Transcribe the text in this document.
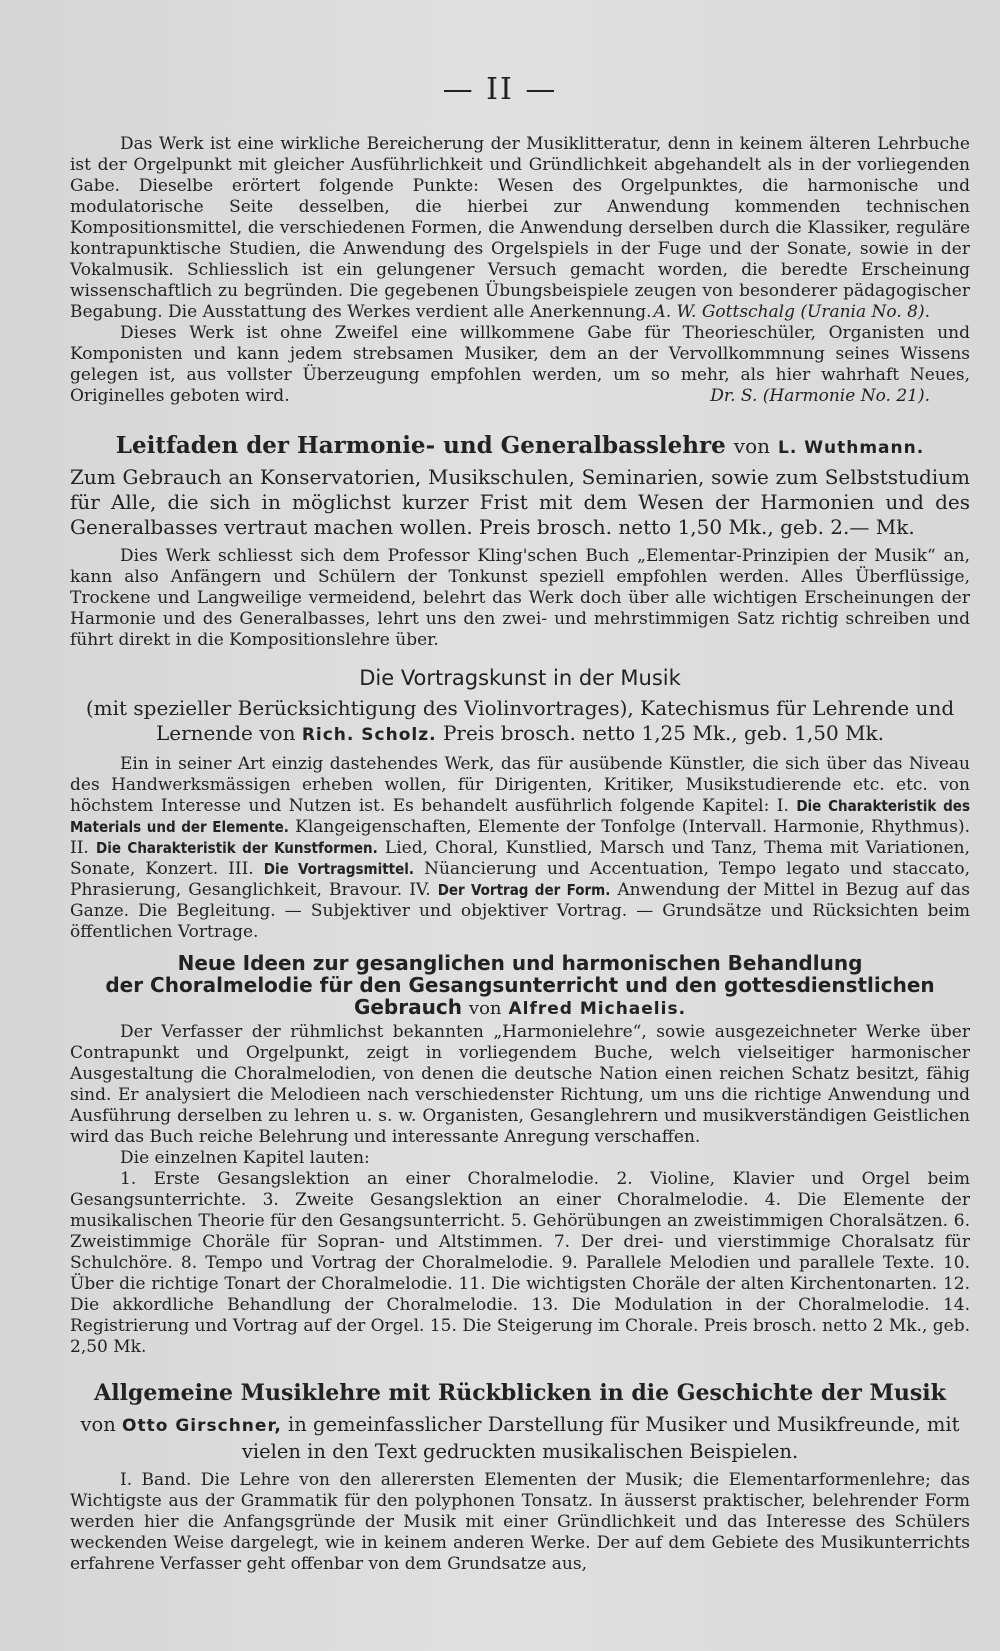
— II —

Das Werk ist eine wirkliche Bereicherung der Musiklitteratur, denn in keinem älteren Lehrbuche ist der Orgelpunkt mit gleicher Ausführlichkeit und Gründlichkeit abgehandelt als in der vorliegenden Gabe. Dieselbe erörtert folgende Punkte: Wesen des Orgelpunktes, die harmonische und modulatorische Seite desselben, die hierbei zur Anwendung kommenden technischen Kompositionsmittel, die verschiedenen Formen, die Anwendung derselben durch die Klassiker, reguläre kontrapunktische Studien, die Anwendung des Orgelspiels in der Fuge und der Sonate, sowie in der Vokalmusik. Schliesslich ist ein gelungener Versuch gemacht worden, die beredte Erscheinung wissenschaftlich zu begründen. Die gegebenen Übungsbeispiele zeugen von besonderer pädagogischer Begabung. Die Ausstattung des Werkes verdient alle Anerkennung. A. W. Gottschalg (Urania No. 8).

Dieses Werk ist ohne Zweifel eine willkommene Gabe für Theorieschüler, Organisten und Komponisten und kann jedem strebsamen Musiker, dem an der Vervollkommnung seines Wissens gelegen ist, aus vollster Überzeugung empfohlen werden, um so mehr, als hier wahrhaft Neues, Originelles geboten wird.	Dr. S. (Harmonie No. 21).

Leitfaden der Harmonie- und Generalbasslehre von L. Wuthmann.

Zum Gebrauch an Konservatorien, Musikschulen, Seminarien, sowie zum Selbststudium für Alle, die sich in möglichst kurzer Frist mit dem Wesen der Harmonien und des Generalbasses vertraut machen wollen. Preis brosch. netto 1,50 Mk., geb. 2.— Mk.

Dies Werk schliesst sich dem Professor Kling'schen Buch „Elementar-Prinzipien der Musik“ an, kann also Anfängern und Schülern der Tonkunst speziell empfohlen werden. Alles Überflüssige, Trockene und Langweilige vermeidend, belehrt das Werk doch über alle wichtigen Erscheinungen der Harmonie und des Generalbasses, lehrt uns den zwei- und mehrstimmigen Satz richtig schreiben und führt direkt in die Kompositionslehre über.

Die Vortragskunst in der Musik

(mit spezieller Berücksichtigung des Violinvortrages), Katechismus für Lehrende und Lernende von Rich. Scholz. Preis brosch. netto 1,25 Mk., geb. 1,50 Mk.

Ein in seiner Art einzig dastehendes Werk, das für ausübende Künstler, die sich über das Niveau des Handwerksmässigen erheben wollen, für Dirigenten, Kritiker, Musikstudierende etc. etc. von höchstem Interesse und Nutzen ist. Es behandelt ausführlich folgende Kapitel: I. Die Charakteristik des Materials und der Elemente. Klangeigenschaften, Elemente der Tonfolge (Intervall. Harmonie, Rhythmus). II. Die Charakteristik der Kunstformen. Lied, Choral, Kunstlied, Marsch und Tanz, Thema mit Variationen, Sonate, Konzert. III. Die Vortragsmittel. Nüancierung und Accentuation, Tempo legato und staccato, Phrasierung, Gesanglichkeit, Bravour. IV. Der Vortrag der Form. Anwendung der Mittel in Bezug auf das Ganze. Die Begleitung. — Subjektiver und objektiver Vortrag. — Grundsätze und Rücksichten beim öffentlichen Vortrage.

Neue Ideen zur gesanglichen und harmonischen Behandlung
der Choralmelodie für den Gesangsunterricht und den gottesdienstlichen
Gebrauch von Alfred Michaelis.

Der Verfasser der rühmlichst bekannten „Harmonielehre“, sowie ausgezeichneter Werke über Contrapunkt und Orgelpunkt, zeigt in vorliegendem Buche, welch vielseitiger harmonischer Ausgestaltung die Choralmelodien, von denen die deutsche Nation einen reichen Schatz besitzt, fähig sind. Er analysiert die Melodieen nach verschiedenster Richtung, um uns die richtige Anwendung und Ausführung derselben zu lehren u. s. w. Organisten, Gesanglehrern und musikverständigen Geistlichen wird das Buch reiche Belehrung und interessante Anregung verschaffen.

Die einzelnen Kapitel lauten:

1. Erste Gesangslektion an einer Choralmelodie. 2. Violine, Klavier und Orgel beim Gesangsunterrichte. 3. Zweite Gesangslektion an einer Choralmelodie. 4. Die Elemente der musikalischen Theorie für den Gesangsunterricht. 5. Gehörübungen an zweistimmigen Choralsätzen. 6. Zweistimmige Choräle für Sopran- und Altstimmen. 7. Der drei- und vierstimmige Choralsatz für Schulchöre. 8. Tempo und Vortrag der Choralmelodie. 9. Parallele Melodien und parallele Texte. 10. Über die richtige Tonart der Choralmelodie. 11. Die wichtigsten Choräle der alten Kirchentonarten. 12. Die akkordliche Behandlung der Choralmelodie. 13. Die Modulation in der Choralmelodie. 14. Registrierung und Vortrag auf der Orgel. 15. Die Steigerung im Chorale. Preis brosch. netto 2 Mk., geb. 2,50 Mk.

Allgemeine Musiklehre mit Rückblicken in die Geschichte der Musik

von Otto Girschner, in gemeinfasslicher Darstellung für Musiker und Musikfreunde, mit vielen in den Text gedruckten musikalischen Beispielen.

I. Band. Die Lehre von den allerersten Elementen der Musik; die Elementarformenlehre; das Wichtigste aus der Grammatik für den polyphonen Tonsatz. In äusserst praktischer, belehrender Form werden hier die Anfangsgründe der Musik mit einer Gründlichkeit und das Interesse des Schülers weckenden Weise dargelegt, wie in keinem anderen Werke. Der auf dem Gebiete des Musikunterrichts erfahrene Verfasser geht offenbar von dem Grundsatze aus,
